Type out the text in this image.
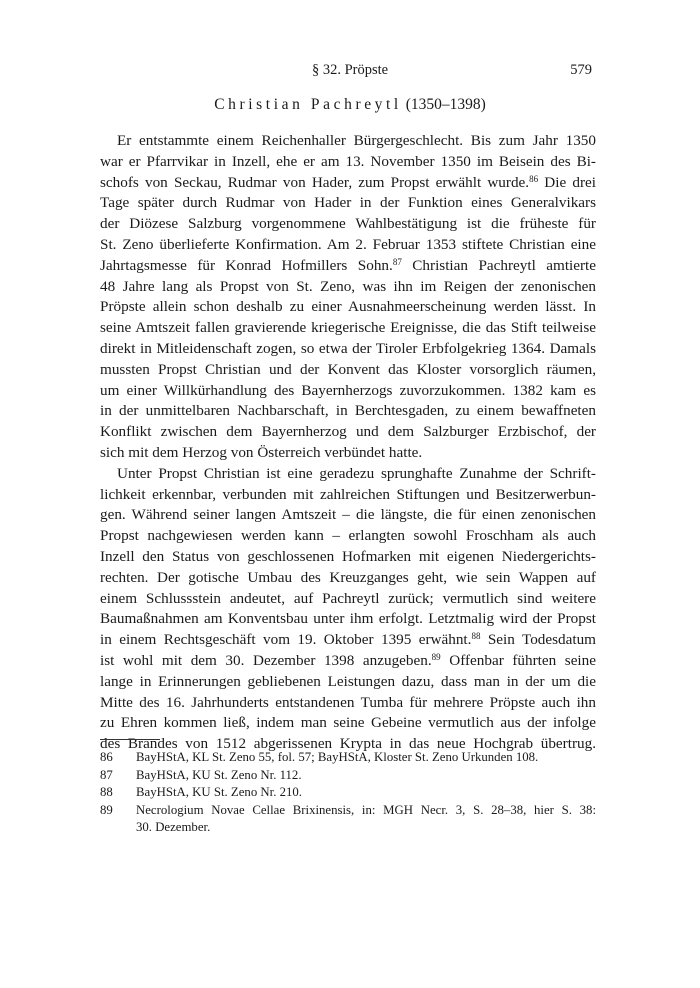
§ 32. Pröpste	579
Christian Pachreytl (1350–1398)
Er entstammte einem Reichenhaller Bürgergeschlecht. Bis zum Jahr 1350
war er Pfarrvikar in Inzell, ehe er am 13. November 1350 im Beisein des Bi-
schofs von Seckau, Rudmar von Hader, zum Propst erwählt wurde.$^{86}$ Die drei
Tage später durch Rudmar von Hader in der Funktion eines Generalvikars
der Diözese Salzburg vorgenommene Wahlbestätigung ist die früheste für
St. Zeno überlieferte Konfirmation. Am 2. Februar 1353 stiftete Christian eine
Jahrtagsmesse für Konrad Hofmillers Sohn.$^{87}$ Christian Pachreytl amtierte
48 Jahre lang als Propst von St. Zeno, was ihn im Reigen der zenonischen
Pröpste allein schon deshalb zu einer Ausnahmeerscheinung werden lässt. In
seine Amtszeit fallen gravierende kriegerische Ereignisse, die das Stift teilweise
direkt in Mitleidenschaft zogen, so etwa der Tiroler Erbfolgekrieg 1364. Damals
mussten Propst Christian und der Konvent das Kloster vorsorglich räumen,
um einer Willkürhandlung des Bayernherzogs zuvorzukommen. 1382 kam es
in der unmittelbaren Nachbarschaft, in Berchtesgaden, zu einem bewaffneten
Konflikt zwischen dem Bayernherzog und dem Salzburger Erzbischof, der
sich mit dem Herzog von Österreich verbündet hatte.
Unter Propst Christian ist eine geradezu sprunghafte Zunahme der Schrift-
lichkeit erkennbar, verbunden mit zahlreichen Stiftungen und Besitzerwerbun-
gen. Während seiner langen Amtszeit – die längste, die für einen zenonischen
Propst nachgewiesen werden kann – erlangten sowohl Froschham als auch
Inzell den Status von geschlossenen Hofmarken mit eigenen Niedergerichts-
rechten. Der gotische Umbau des Kreuzganges geht, wie sein Wappen auf
einem Schlussstein andeutet, auf Pachreytl zurück; vermutlich sind weitere
Baumaßnahmen am Konventsbau unter ihm erfolgt. Letztmalig wird der Propst
in einem Rechtsgeschäft vom 19. Oktober 1395 erwähnt.$^{88}$ Sein Todesdatum
ist wohl mit dem 30. Dezember 1398 anzugeben.$^{89}$ Offenbar führten seine
lange in Erinnerungen gebliebenen Leistungen dazu, dass man in der um die
Mitte des 16. Jahrhunderts entstandenen Tumba für mehrere Pröpste auch ihn
zu Ehren kommen ließ, indem man seine Gebeine vermutlich aus der infolge
des Brandes von 1512 abgerissenen Krypta in das neue Hochgrab übertrug.
86	BayHStA, KL St. Zeno 55, fol. 57; BayHStA, Kloster St. Zeno Urkunden 108.
87	BayHStA, KU St. Zeno Nr. 112.
88	BayHStA, KU St. Zeno Nr. 210.
89	Necrologium Novae Cellae Brixinensis, in: MGH Necr. 3, S. 28–38, hier S. 38:
30. Dezember.
